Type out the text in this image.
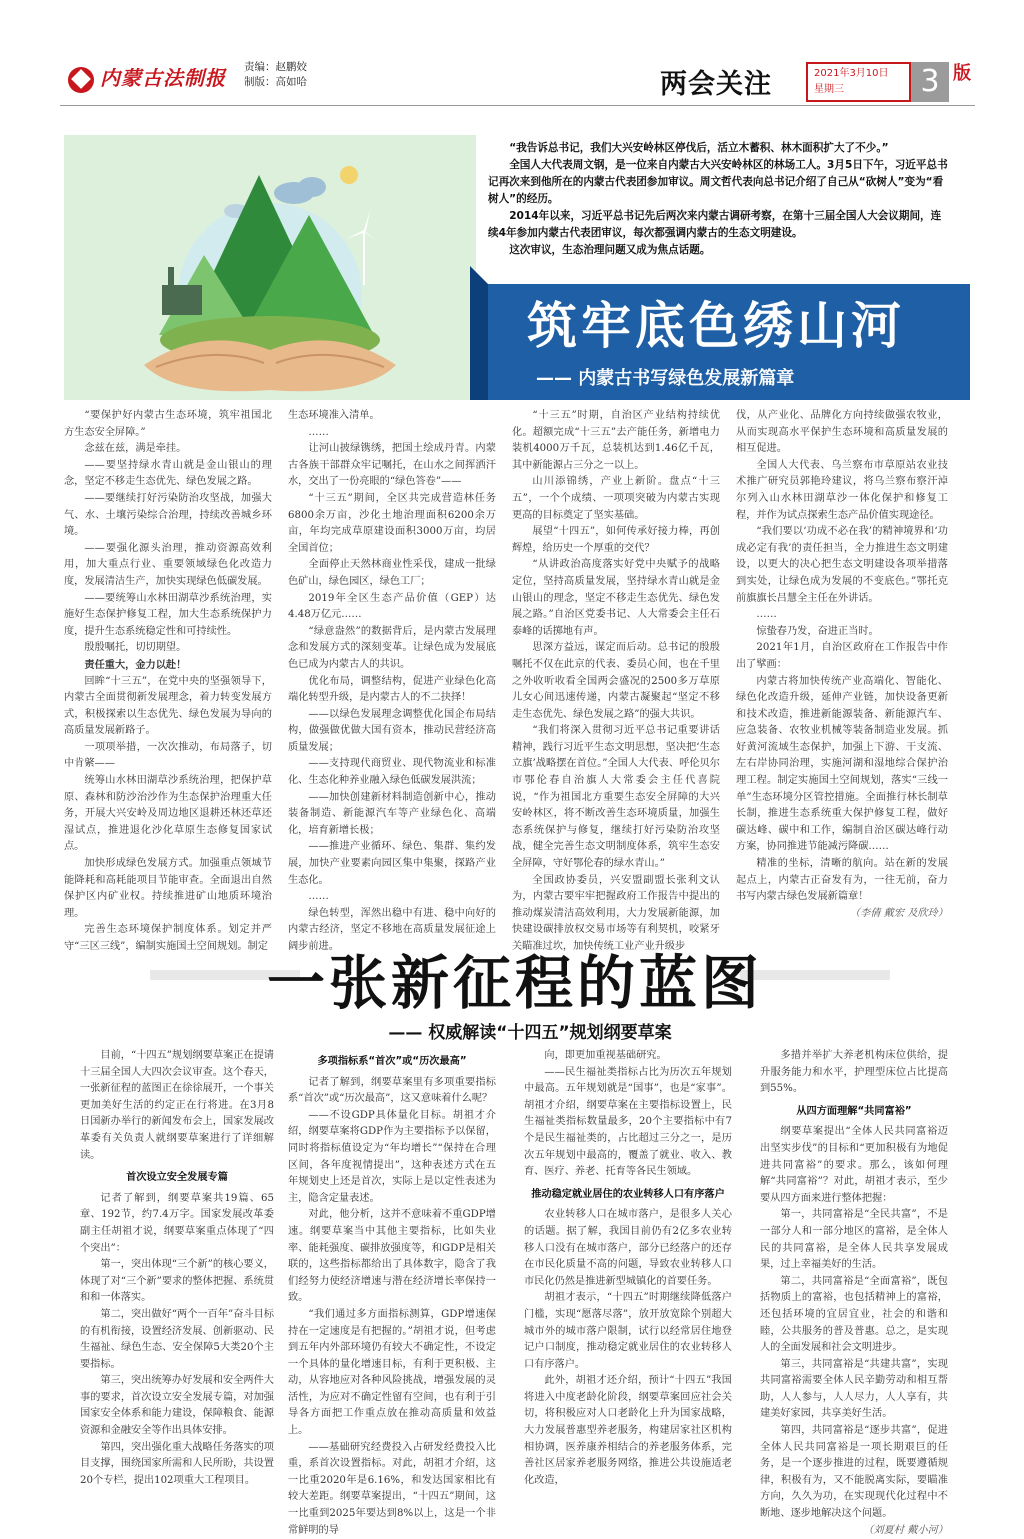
内蒙古法制报 责编：赵鹏姣
制版：高如哈	两会关注	2021年3月10日
星期三	3 版

“我告诉总书记，我们大兴安岭林区停伐后，活立木蓄积、林木面积扩大了不少。”

全国人大代表周文钢，是一位来自内蒙古大兴安岭林区的林场工人。3月5日下午，习近平总书记再次来到他所在的内蒙古代表团参加审议。周文哲代表向总书记介绍了自己从“砍树人”变为“看树人”的经历。

2014年以来，习近平总书记先后两次来内蒙古调研考察，在第十三届全国人大会议期间，连续4年参加内蒙古代表团审议，每次都强调内蒙古的生态文明建设。

这次审议，生态治理问题又成为焦点话题。

筑牢底色绣山河
—— 内蒙古书写绿色发展新篇章

“要保护好内蒙古生态环境，筑牢祖国北方生态安全屏障。”

念兹在兹，满是牵挂。

——要坚持绿水青山就是金山银山的理念，坚定不移走生态优先、绿色发展之路。

——要继续打好污染防治攻坚战，加强大气、水、土壤污染综合治理，持续改善城乡环境。

——要强化源头治理，推动资源高效利用，加大重点行业、重要领域绿色化改造力度，发展清洁生产，加快实现绿色低碳发展。

——要统筹山水林田湖草沙系统治理，实施好生态保护修复工程，加大生态系统保护力度，提升生态系统稳定性和可持续性。

殷殷嘱托，切切期望。

责任重大，金力以赴！

回眸“十三五”，在党中央的坚强领导下，内蒙古全面贯彻新发展理念，着力转变发展方式，积极探索以生态优先、绿色发展为导向的高质量发展新路子。

一项项举措，一次次推动，布局落子，切中肯綮——

统筹山水林田湖草沙系统治理，把保护草原、森林和防沙治沙作为生态保护治理重大任务，开展大兴安岭及周边地区退耕还林还草还湿试点，推进退化沙化草原生态修复国家试点。

加快形成绿色发展方式。加强重点领域节能降耗和高耗能项目节能审查。全面退出自然保护区内矿业权。持续推进矿山地质环境治理。

完善生态环境保护制度体系。划定并严守“三区三线”，编制实施国土空间规划。制定

生态环境准入清单。

……

让河山披绿镌绣，把国土绘成丹青。内蒙古各族干部群众牢记嘱托，在山水之间挥洒汗水，交出了一份亮眼的“绿色答卷”——

“十三五”期间，全区共完成营造林任务6800余万亩，沙化土地治理面积6200余万亩，年均完成草原建设面积3000万亩，均居全国首位；

全面停止天然林商业性采伐，建成一批绿色矿山，绿色园区，绿色工厂；

2019年全区生态产品价值（GEP）达4.48万亿元……

“绿意盎然”的数据背后，是内蒙古发展理念和发展方式的深刻变革。让绿色成为发展底色已成为内蒙古人的共识。

优化布局，调整结构，促进产业绿色化高端化转型升级，是内蒙古人的不二抉择！

——以绿色发展理念调整优化国企布局结构，做强做优做大国有资本，推动民营经济高质量发展；

——支持现代商贸业、现代物流业和标准化、生态化种养业融入绿色低碳发展洪流；

——加快创建新材料制造创新中心，推动装备制造、新能源汽车等产业绿色化、高端化，培育新增长极；

——推进产业循环、绿色、集群、集约发展，加快产业要素向园区集中集聚，探路产业生态化。

……

绿色转型，浑然出稳中有进、稳中向好的内蒙古经济，坚定不移地在高质量发展征途上阔步前进。

“十三五”时期，自治区产业结构持续优化。超额完成“十三五”去产能任务，新增电力装机4000万千瓦，总装机达到1.46亿千瓦，其中新能源占三分之一以上。

山川添锦绣，产业上新阶。盘点“十三五”，一个个成绩、一项项突破为内蒙古实现更高的目标奠定了坚实基础。

展望“十四五”，如何传承好接力棒，再创辉煌，给历史一个厚重的交代？

“从讲政治高度落实好党中央赋予的战略定位，坚持高质量发展，坚持绿水青山就是金山银山的理念，坚定不移走生态优先、绿色发展之路。”自治区党委书记、人大常委会主任石泰峰的话掷地有声。

思深方益远，谋定而后动。总书记的殷殷嘱托不仅在此京的代表、委员心间，也在千里之外收听收看全国两会盛况的2500多万草原儿女心间迅速传递，内蒙古凝聚起“坚定不移走生态优先、绿色发展之路”的强大共识。

“我们将深入贯彻习近平总书记重要讲话精神，践行习近平生态文明思想，坚决把‘生态立旗’战略摆在首位。”全国人大代表、呼伦贝尔市鄂伦春自治旗人大常委会主任代喜院说，“作为祖国北方重要生态安全屏障的大兴安岭林区，将不断改善生态环境质量，加强生态系统保护与修复，继续打好污染防治攻坚战，健全完善生态文明制度体系，筑牢生态安全屏障，守好鄂伦春的绿水青山。”

全国政协委员，兴安盟副盟长张利文认为，内蒙古要牢牢把握政府工作报告中提出的推动煤炭清洁高效利用，大力发展新能源，加快建设碳排放权交易市场等有利契机，咬紧牙关瞄准过坎，加快传统工业产业升级步

伐，从产业化、品牌化方向持续做强农牧业，从而实现高水平保护生态环境和高质量发展的相互促进。

全国人大代表、乌兰察布市草原站农业技术推广研究员郭艳玲建议，将乌兰察布察汗淖尔列入山水林田湖草沙一体化保护和修复工程，并作为试点探索生态产品价值实现途径。

“我们要以‘功成不必在我’的精神境界和‘功成必定有我’的责任担当，全力推进生态文明建设，以更大的决心把生态文明建设各项举措落到实处，让绿色成为发展的不变底色。”鄂托克前旗旗长吕慧全主任在外讲话。

……

惊蛰春乃发，奋进正当时。

2021年1月，自治区政府在工作报告中作出了擘画：

内蒙古将加快传统产业高端化、智能化、绿色化改造升级，延伸产业链，加快设备更新和技术改造，推进新能源装备、新能源汽车、应急装备、农牧业机械等装备制造业发展。抓好黄河流域生态保护，加强上下游、干支流、左右岸协同治理，实施河湖和湿地综合保护治理工程。制定实施国土空间规划，落实“三线一单”生态环境分区管控措施。全面推行林长制草长制，推进生态系统重大保护修复工程，做好碳达峰、碳中和工作，编制自治区碳达峰行动方案，协同推进节能减污降碳……

精准的坐标，清晰的航向。站在新的发展起点上，内蒙古正奋发有为，一往无前，奋力书写内蒙古绿色发展新篇章！

（李倩 戴宏 及欣玲）

一张新征程的蓝图
—— 权威解读“十四五”规划纲要草案

目前，“十四五”规划纲要草案正在提请十三届全国人大四次会议审查。这个春天，一张新征程的蓝图正在徐徐展开，一个事关更加美好生活的约定正在行将进。在3月8日国新办举行的新闻发布会上，国家发展改革委有关负责人就纲要草案进行了详细解读。

首次设立安全发展专篇

记者了解到，纲要草案共19篇、65章、192节，约7.4万字。国家发展改革委副主任胡祖才说，纲要草案重点体现了“四个突出”：

第一，突出体现“三个新”的核心要义，体现了对“三个新”要求的整体把握、系统贯和和一体落实。

第二，突出做好“两个一百年”奋斗目标的有机衔接，设置经济发展、创新驱动、民生福祉、绿色生态、安全保障5大类20个主要指标。

第三，突出统筹办好发展和安全两件大事的要求，首次设立安全发展专篇，对加强国家安全体系和能力建设，保障粮食、能源资源和金融安全等作出具体安排。

第四，突出强化重大战略任务落实的项目支撑，围绕国家所需和人民所盼，共设置20个专栏，提出102项重大工程项目。

多项指标系“首次”或“历次最高”

记者了解到，纲要草案里有多项重要指标系“首次”或“历次最高”，这又意味着什么呢？

——不设GDP具体量化目标。胡祖才介绍，纲要草案将GDP作为主要指标予以保留，同时将指标值设定为“年均增长”“保持在合理区间，各年度视情提出”，这种表述方式在五年规划史上还是首次，实际上是以定性表述为主，隐含定量表述。

对此，他分析，这并不意味着不重GDP增速。纲要草案当中其他主要指标，比如失业率、能耗强度、碳排放强度等，和GDP是相关联的，这些指标都给出了具体数字，隐含了我们经努力使经济增速与潜在经济增长率保持一致。

“我们通过多方面指标测算，GDP增速保持在一定速度是有把握的。”胡祖才说，但考虑到五年内外部环境仍有较大不确定性，不设定一个具体的量化增速目标，有利于更积极、主动，从容地应对各种风险挑战，增强发展的灵活性，为应对不确定性留有空间，也有利于引导各方面把工作重点放在推动高质量和效益上。

——基础研究经费投入占研发经费投入比重，系首次设置指标。对此，胡祖才介绍，这一比重2020年是6.16%，和发达国家相比有较大差距。纲要草案提出，“十四五”期间，这一比重到2025年要达到8%以上，这是一个非常鲜明的导

向，即更加重视基础研究。

——民生福祉类指标占比为历次五年规划中最高。五年规划就是“国事”，也是“家事”。胡祖才介绍，纲要草案在主要指标设置上，民生福祉类指标数量最多，20个主要指标中有7个是民生福祉类的，占比超过三分之一，是历次五年规划中最高的，覆盖了就业、收入、教育、医疗、养老、托育等各民生领域。

推动稳定就业居住的农业转移人口有序落户

农业转移人口在城市落户，是很多人关心的话题。据了解，我国目前仍有2亿多农业转移人口没有在城市落户，部分已经落户的还存在市民化质量不高的问题，导致农业转移人口市民化仍然是推进新型城镇化的首要任务。

胡祖才表示，“十四五”时期继续降低落户门槛，实现“愿落尽落”，放开放宽除个别超大城市外的城市落户限制，试行以经常居住地登记户口制度，推动稳定就业居住的农业转移人口有序落户。

此外，胡祖才还介绍，预计“十四五”我国将进入中度老龄化阶段，纲要草案回应社会关切，将积极应对人口老龄化上升为国家战略，大力发展普惠型养老服务，构建居家社区机构相协调，医养康养相结合的养老服务体系，完善社区居家养老服务网络，推进公共设施适老化改造，

多措并举扩大养老机构床位供给，提升服务能力和水平，护理型床位占比提高到55%。

从四方面理解“共同富裕”

纲要草案提出“全体人民共同富裕迈出坚实步伐”的目标和“更加积极有为地促进共同富裕”的要求。那么，该如何理解“共同富裕”？对此，胡祖才表示，至少要从四方面来进行整体把握：

第一，共同富裕是“全民共富”，不是一部分人和一部分地区的富裕，是全体人民的共同富裕，是全体人民共享发展成果，过上幸福美好的生活。

第二，共同富裕是“全面富裕”，既包括物质上的富裕，也包括精神上的富裕，还包括环境的宜居宜业，社会的和谐和睦，公共服务的普及普惠。总之，是实现人的全面发展和社会文明进步。

第三，共同富裕是“共建共富”，实现共同富裕需要全体人民辛勤劳动和相互帮助，人人参与，人人尽力，人人享有，共建美好家园，共享美好生活。

第四，共同富裕是“逐步共富”，促进全体人民共同富裕是一项长期艰巨的任务，是一个逐步推进的过程，既要遵循规律，积极有为，又不能脱离实际，要瞄准方向，久久为功，在实现现代化过程中不断地、逐步地解决这个问题。

（刘夏村 戴小河）
